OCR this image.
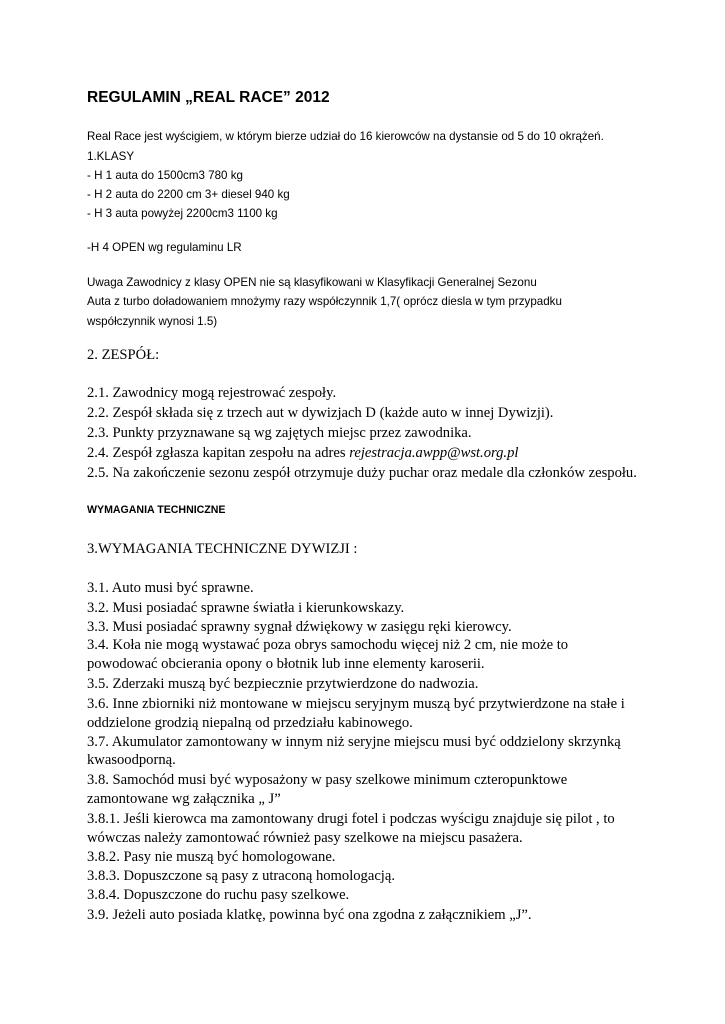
REGULAMIN „REAL RACE” 2012
Real Race jest wyścigiem, w którym bierze udział do 16 kierowców na dystansie od 5 do 10 okrążeń.
1.KLASY
- H 1 auta do 1500cm3 780 kg
- H 2 auta do 2200 cm 3+ diesel 940 kg
- H 3 auta powyżej 2200cm3 1100 kg
-H 4 OPEN wg regulaminu LR
Uwaga Zawodnicy z klasy OPEN nie są klasyfikowani w Klasyfikacji Generalnej Sezonu
Auta z turbo doładowaniem mnożymy razy współczynnik 1,7( oprócz diesla w tym przypadku
współczynnik wynosi 1.5)
2. ZESPÓŁ:
2.1. Zawodnicy mogą rejestrować zespoły.
2.2. Zespół składa się z trzech aut w dywizjach D (każde auto w innej Dywizji).
2.3. Punkty przyznawane są wg zajętych miejsc przez zawodnika.
2.4. Zespół zgłasza kapitan zespołu na adres rejestracja.awpp@wst.org.pl
2.5. Na zakończenie sezonu zespół otrzymuje duży puchar oraz medale dla członków zespołu.
WYMAGANIA TECHNICZNE
3.WYMAGANIA TECHNICZNE DYWIZJI :
3.1. Auto musi być sprawne.
3.2. Musi posiadać sprawne światła i kierunkowskazy.
3.3. Musi posiadać sprawny sygnał dźwiękowy w zasięgu ręki kierowcy.
3.4. Koła nie mogą wystawać poza obrys samochodu więcej niż 2 cm, nie może to
powodować obcierania opony o błotnik lub inne elementy karoserii.
3.5. Zderzaki muszą być bezpiecznie przytwierdzone do nadwozia.
3.6. Inne zbiorniki niż montowane w miejscu seryjnym muszą być przytwierdzone na stałe i
oddzielone grodzią niepalną od przedziału kabinowego.
3.7. Akumulator zamontowany w innym niż seryjne miejscu musi być oddzielony skrzynką
kwasoodporną.
3.8. Samochód musi być wyposażony w pasy szelkowe minimum czteropunktowe
zamontowane wg załącznika „ J”
3.8.1. Jeśli kierowca ma zamontowany drugi fotel i podczas wyścigu znajduje się pilot , to
wówczas należy zamontować również pasy szelkowe na miejscu pasażera.
3.8.2. Pasy nie muszą być homologowane.
3.8.3. Dopuszczone są pasy z utraconą homologacją.
3.8.4. Dopuszczone do ruchu pasy szelkowe.
3.9. Jeżeli auto posiada klatkę, powinna być ona zgodna z załącznikiem „J”.
